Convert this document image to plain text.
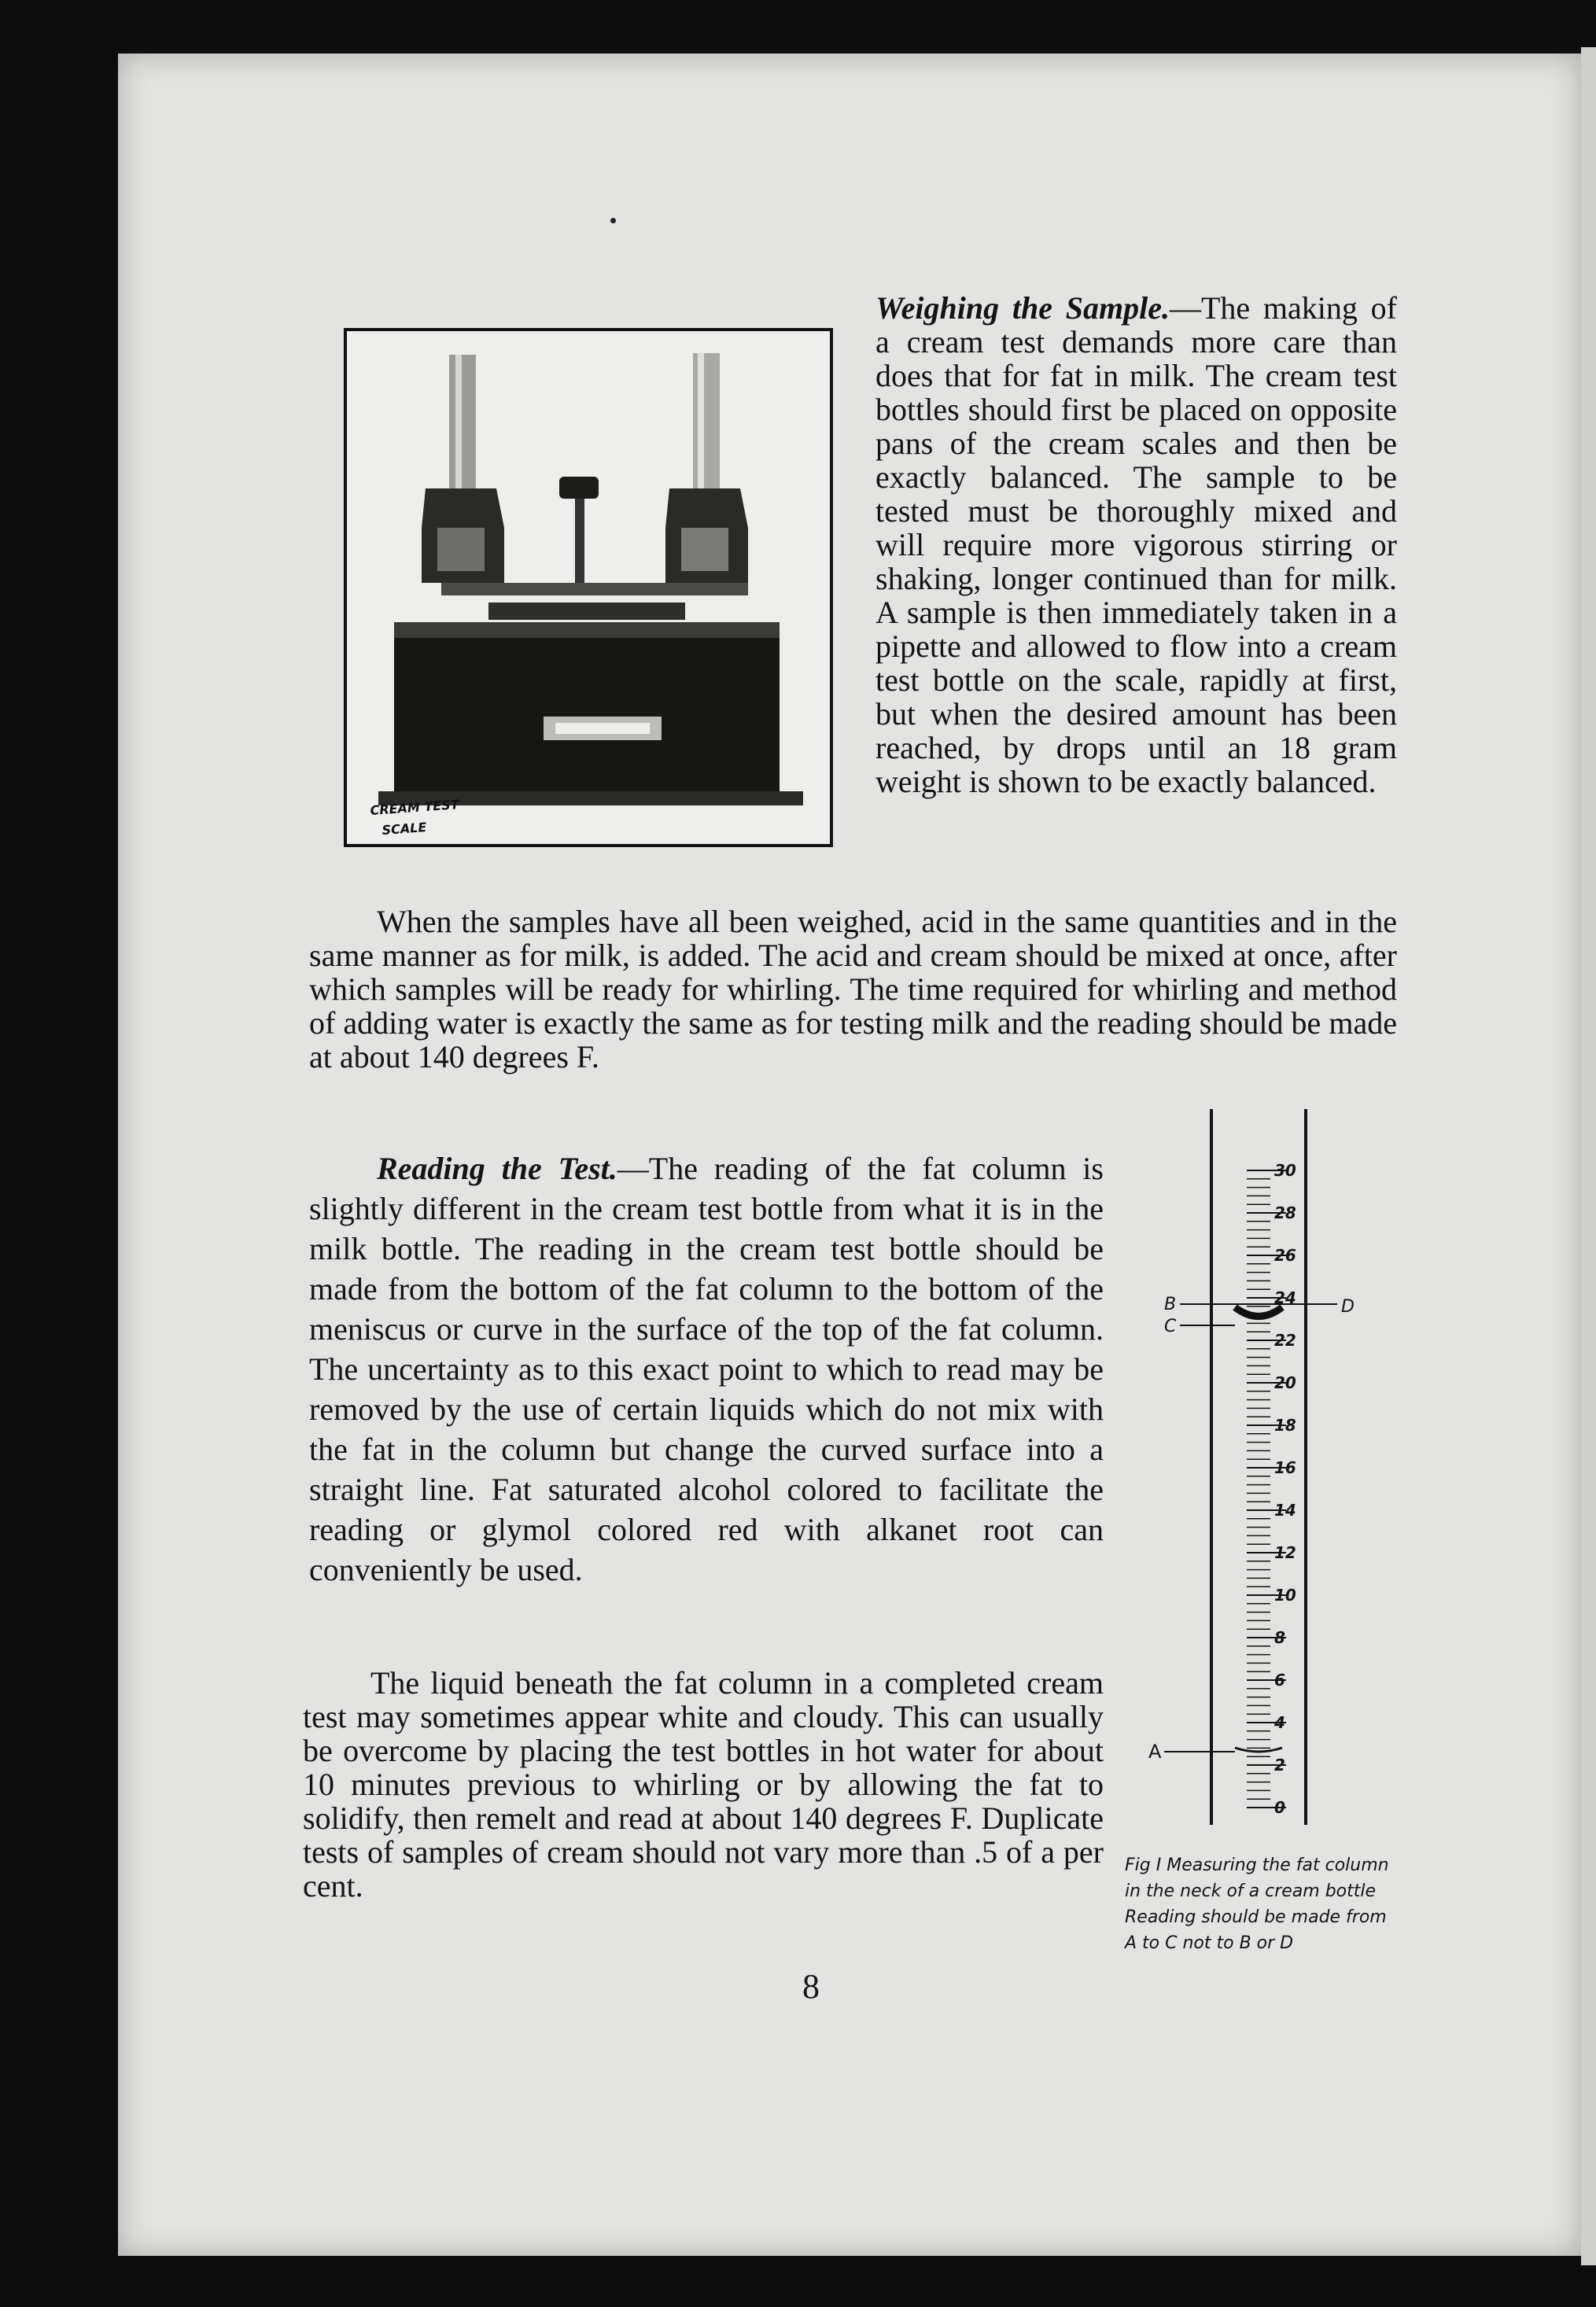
CREAM TEST
SCALE

Weighing the Sample.—The making of a cream test demands more care than does that for fat in milk. The cream test bottles should first be placed on opposite pans of the cream scales and then be exactly balanced. The sample to be tested must be thoroughly mixed and will require more vigorous stirring or shaking, longer continued than for milk. A sample is then immediately taken in a pipette and allowed to flow into a cream test bottle on the scale, rapidly at first, but when the desired amount has been reached, by drops until an 18 gram weight is shown to be exactly balanced.

When the samples have all been weighed, acid in the same quantities and in the same manner as for milk, is added. The acid and cream should be mixed at once, after which samples will be ready for whirling. The time required for whirling and method of adding water is exactly the same as for testing milk and the reading should be made at about 140 degrees F.

Reading the Test.—The reading of the fat column is slightly different in the cream test bottle from what it is in the milk bottle. The reading in the cream test bottle should be made from the bottom of the fat column to the bottom of the meniscus or curve in the surface of the top of the fat column. The uncertainty as to this exact point to which to read may be removed by the use of certain liquids which do not mix with the fat in the column but change the curved surface into a straight line. Fat saturated alcohol colored to facilitate the reading or glymol colored red with alkanet root can conveniently be used.

The liquid beneath the fat column in a completed cream test may sometimes appear white and cloudy. This can usually be overcome by placing the test bottles in hot water for about 10 minutes previous to whirling or by allowing the fat to solidify, then remelt and read at about 140 degrees F. Duplicate tests of samples of cream should not vary more than .5 of a per cent.

30
28
26
24
22
20
18
16
14
12
10
8
6
4
2
0
B
C
D
A
Fig I Measuring the fat column in the neck of a cream bottle Reading should be made from A to C not to B or D
8
